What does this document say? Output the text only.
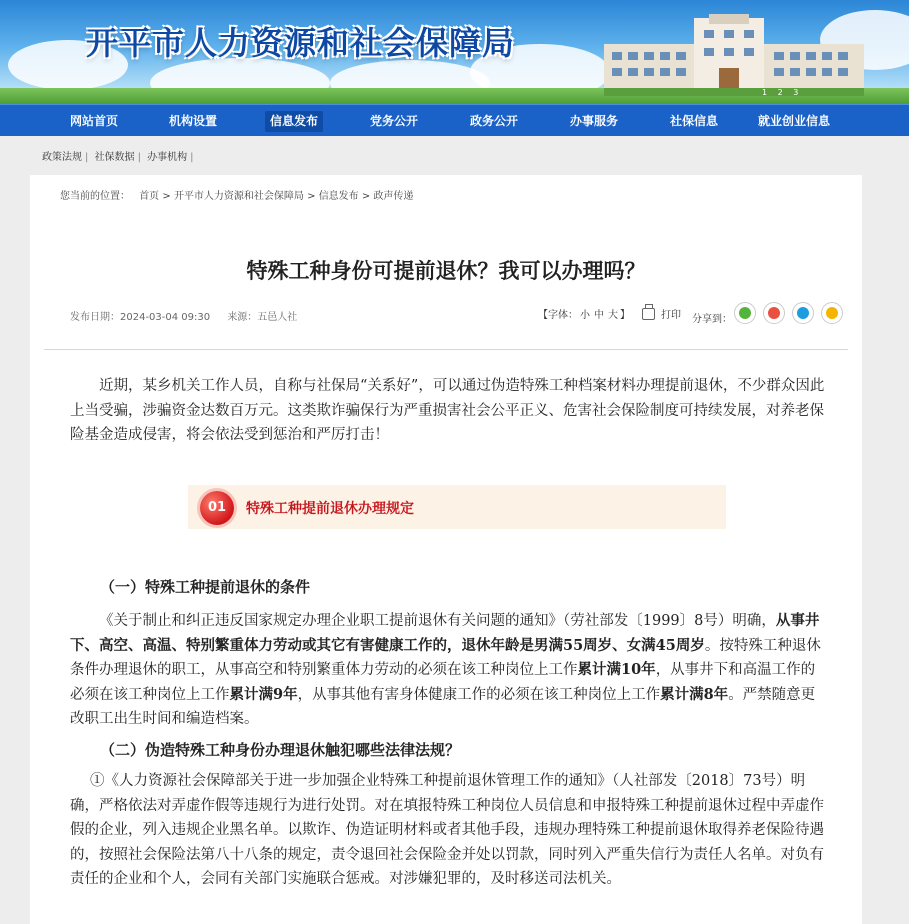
开平市人力资源和社会保障局
1 2 3
网站首页	机构设置	信息发布	党务公开	政务公开	办事服务	社保信息	就业创业信息
政策法规 | 社保数据 | 办事机构 |
您当前的位置： 首页 > 开平市人力资源和社会保障局 > 信息发布 > 政声传递
特殊工种身份可提前退休？我可以办理吗？
发布日期：2024-03-04 09:30 来源：五邑人社	【字体： 小 中 大 】	打印 分享到：

近期，某乡机关工作人员，自称与社保局“关系好”，可以通过伪造特殊工种档案材料办理提前退休，不少群众因此上当受骗，涉骗资金达数百万元。这类欺诈骗保行为严重损害社会公平正义、危害社会保险制度可持续发展，对养老保险基金造成侵害，将会依法受到惩治和严厉打击！

01	特殊工种提前退休办理规定
（一）特殊工种提前退休的条件

《关于制止和纠正违反国家规定办理企业职工提前退休有关问题的通知》（劳社部发〔1999〕8号）明确，从事井下、高空、高温、特别繁重体力劳动或其它有害健康工作的，退休年龄是男满55周岁、女满45周岁。按特殊工种退休条件办理退休的职工，从事高空和特别繁重体力劳动的必须在该工种岗位上工作累计满10年，从事井下和高温工作的必须在该工种岗位上工作累计满9年，从事其他有害身体健康工作的必须在该工种岗位上工作累计满8年。严禁随意更改职工出生时间和编造档案。

（二）伪造特殊工种身份办理退休触犯哪些法律法规？

①《人力资源社会保障部关于进一步加强企业特殊工种提前退休管理工作的通知》（人社部发〔2018〕73号）明确，严格依法对弄虚作假等违规行为进行处罚。对在填报特殊工种岗位人员信息和申报特殊工种提前退休过程中弄虚作假的企业，列入违规企业黑名单。以欺诈、伪造证明材料或者其他手段，违规办理特殊工种提前退休取得养老保险待遇的，按照社会保险法第八十八条的规定，责令退回社会保险金并处以罚款，同时列入严重失信行为责任人名单。对负有责任的企业和个人，会同有关部门实施联合惩戒。对涉嫌犯罪的，及时移送司法机关。
